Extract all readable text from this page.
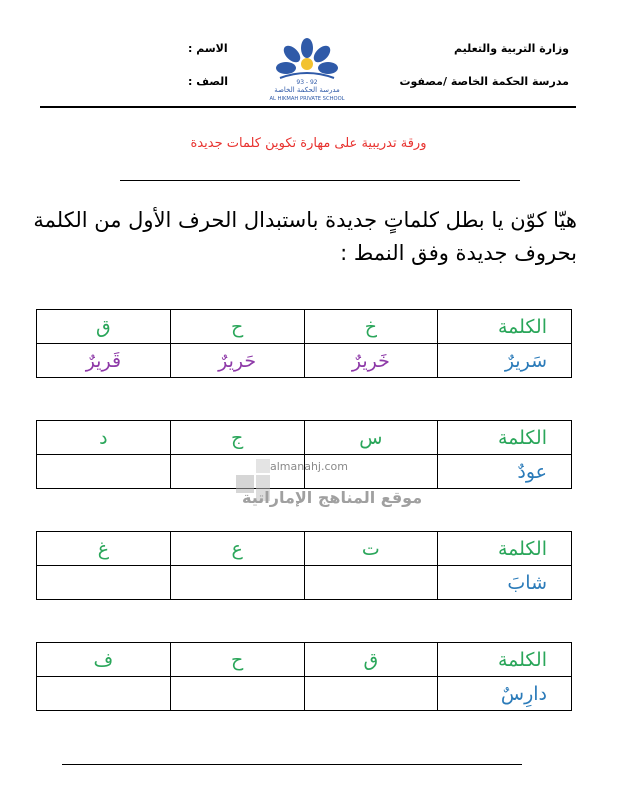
وزارة التربية والتعليم
مدرسة الحكمة الخاصة /مصفوت
الاسم :
الصف :	93 - 92
مدرسة الحكمة الخاصة
AL HIKMAH PRIVATE SCHOOL
ورقة تدريبية على مهارة تكوين كلمات جديدة
هيّا كوّن يا بطل كلماتٍ جديدة باستبدال الحرف الأول من الكلمة بحروف جديدة وفق النمط :
الكلمة	خ	ح	ق
سَريرٌ	خَريرٌ	حَريرٌ	قَريرٌ
الكلمة	س	ج	د
عودٌ			
الكلمة	ت	ع	غ
شابَ			
الكلمة	ق	ح	ف
دارِسٌ			
almanahj.com
موقع المناهج الإماراتية
